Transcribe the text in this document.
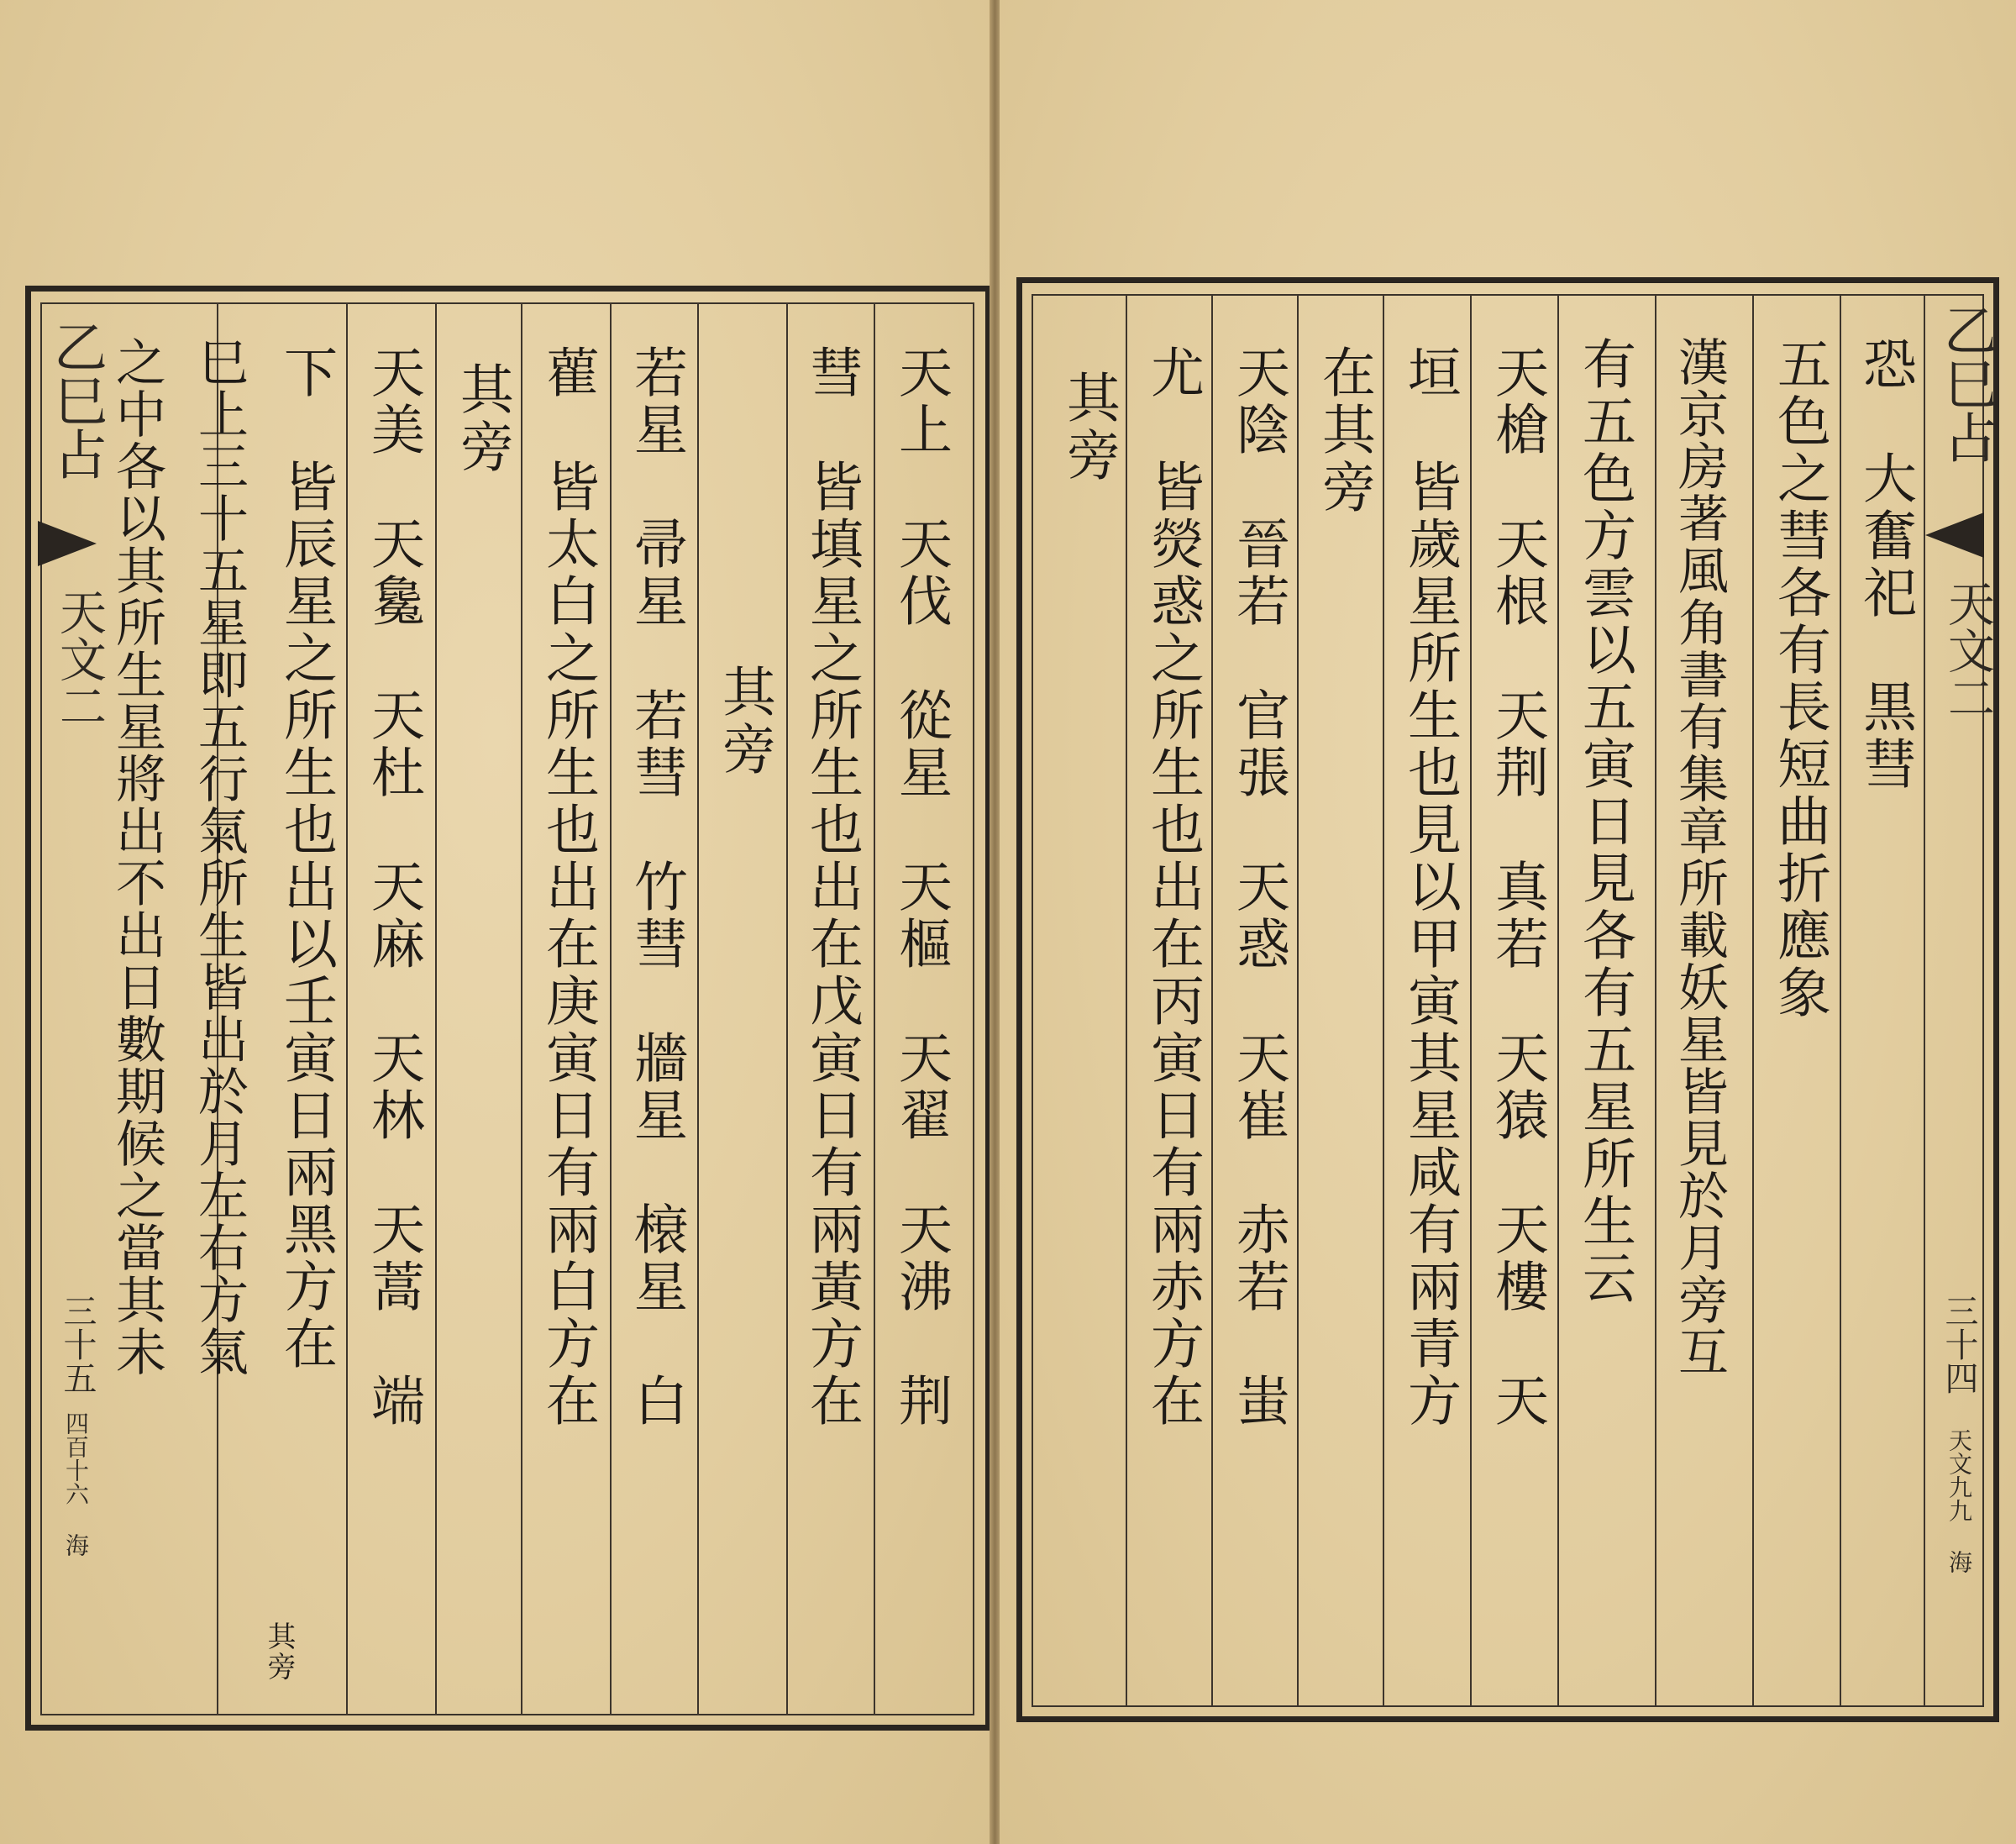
乙巳占
天文二
三十五
四百十六 海
天上　天伐　從星　天樞　天翟　天沸　荆
彗　皆填星之所生也出在戊寅日有兩黃方在
其旁
若星　帚星　若彗　竹彗　牆星　榱星　白
雚　皆太白之所生也出在庚寅日有兩白方在
其旁
天美　天毚　天杜　天麻　天林　天蒿　端
下　皆辰星之所生也出以壬寅日兩黑方在
其旁
巳上三十五星即五行氣所生皆出於月左右方氣
之中各以其所生星將出不出日數期候之當其未	恐　大奮祀　黒彗
五色之彗各有長短曲折應象
漢京房著風角書有集章所載妖星皆見於月旁互
有五色方雲以五寅日見各有五星所生云
天槍　天根　天荆　真若　天猿　天樓　天
垣　皆歲星所生也見以甲寅其星咸有兩青方
在其旁
天陰　晉若　官張　天惑　天崔　赤若　蚩
尤　皆熒惑之所生也出在丙寅日有兩赤方在
其旁	乙巳占
天文二
三十四
天文九九 海
